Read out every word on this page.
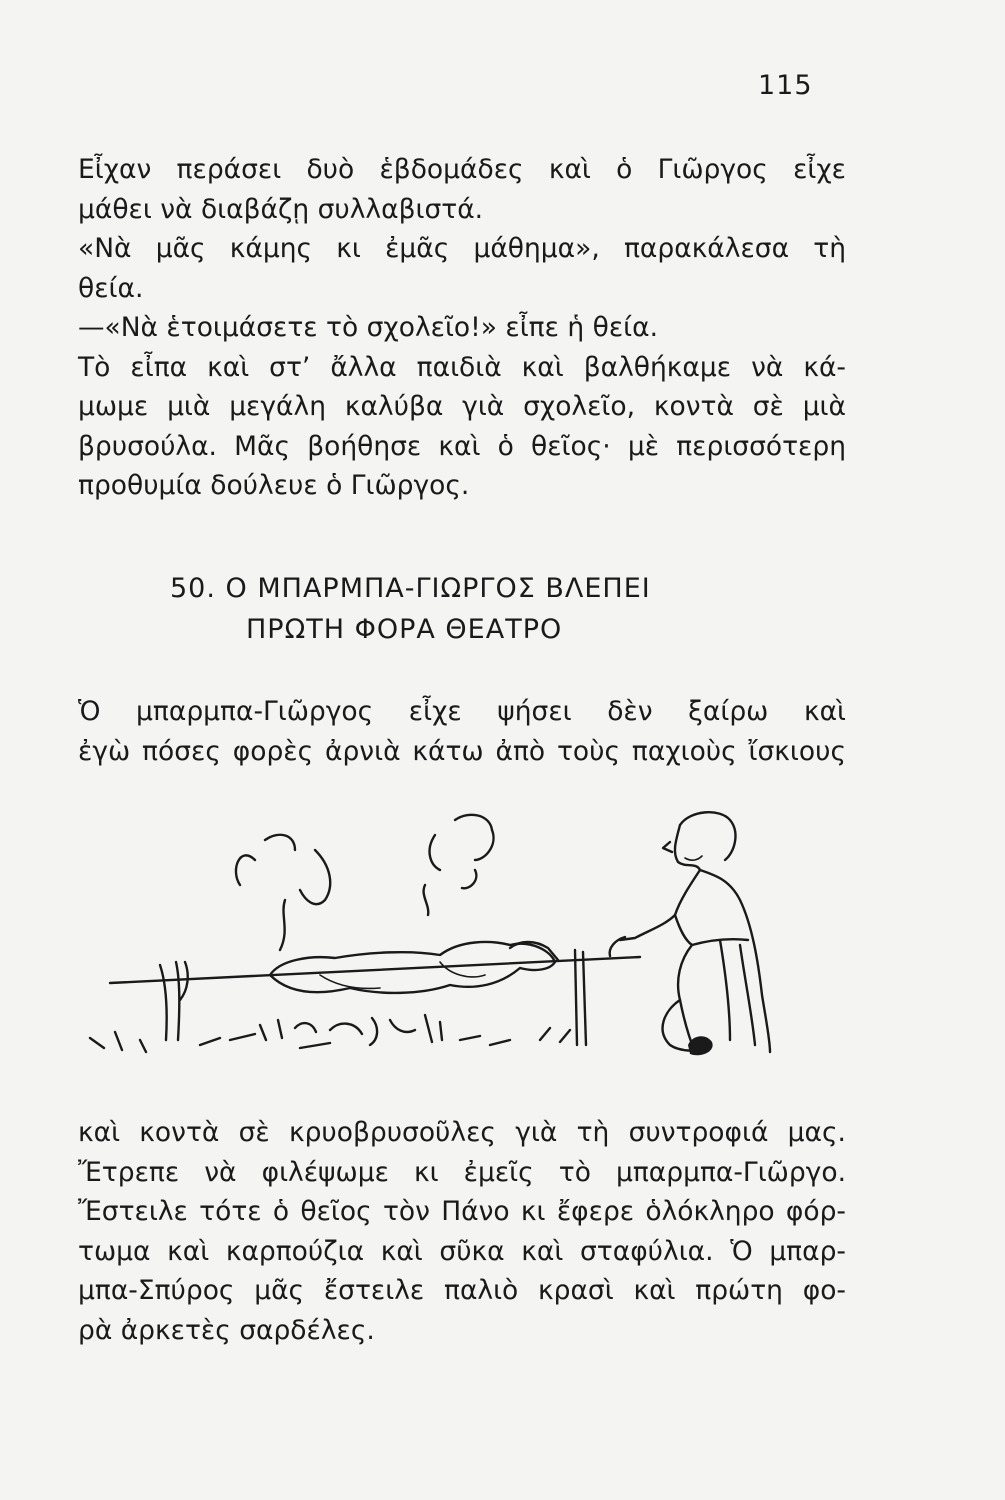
115
Εἶχαν περάσει δυὸ ἑβδομάδες καὶ ὁ Γιῶργος εἶχε
μάθει νὰ διαβάζῃ συλλαβιστά.
«Νὰ μᾶς κάμης κι ἐμᾶς μάθημα», παρακάλεσα τὴ
θεία.
—«Νὰ ἑτοιμάσετε τὸ σχολεῖο!» εἶπε ἡ θεία.
Τὸ εἶπα καὶ στ’ ἄλλα παιδιὰ καὶ βαλθήκαμε νὰ κά-
μωμε μιὰ μεγάλη καλύβα γιὰ σχολεῖο, κοντὰ σὲ μιὰ
βρυσούλα. Μᾶς βοήθησε καὶ ὁ θεῖος· μὲ περισσότερη
προθυμία δούλευε ὁ Γιῶργος.
50. Ο ΜΠΑΡΜΠΑ-ΓΙΩΡΓΟΣ ΒΛΕΠΕΙ
ΠΡΩΤΗ ΦΟΡΑ ΘΕΑΤΡΟ
Ὁ μπαρμπα-Γιῶργος εἶχε ψήσει δὲν ξαίρω καὶ
ἐγὼ πόσες φορὲς ἀρνιὰ κάτω ἀπὸ τοὺς παχιοὺς ἴσκιους
καὶ κοντὰ σὲ κρυοβρυσοῦλες γιὰ τὴ συντροφιά μας.
Ἔτρεπε νὰ φιλέψωμε κι ἐμεῖς τὸ μπαρμπα-Γιῶργο.
Ἔστειλε τότε ὁ θεῖος τὸν Πάνο κι ἔφερε ὁλόκληρο φόρ-
τωμα καὶ καρπούζια καὶ σῦκα καὶ σταφύλια. Ὁ μπαρ-
μπα-Σπύρος μᾶς ἔστειλε παλιὸ κρασὶ καὶ πρώτη φο-
ρὰ ἀρκετὲς σαρδέλες.
